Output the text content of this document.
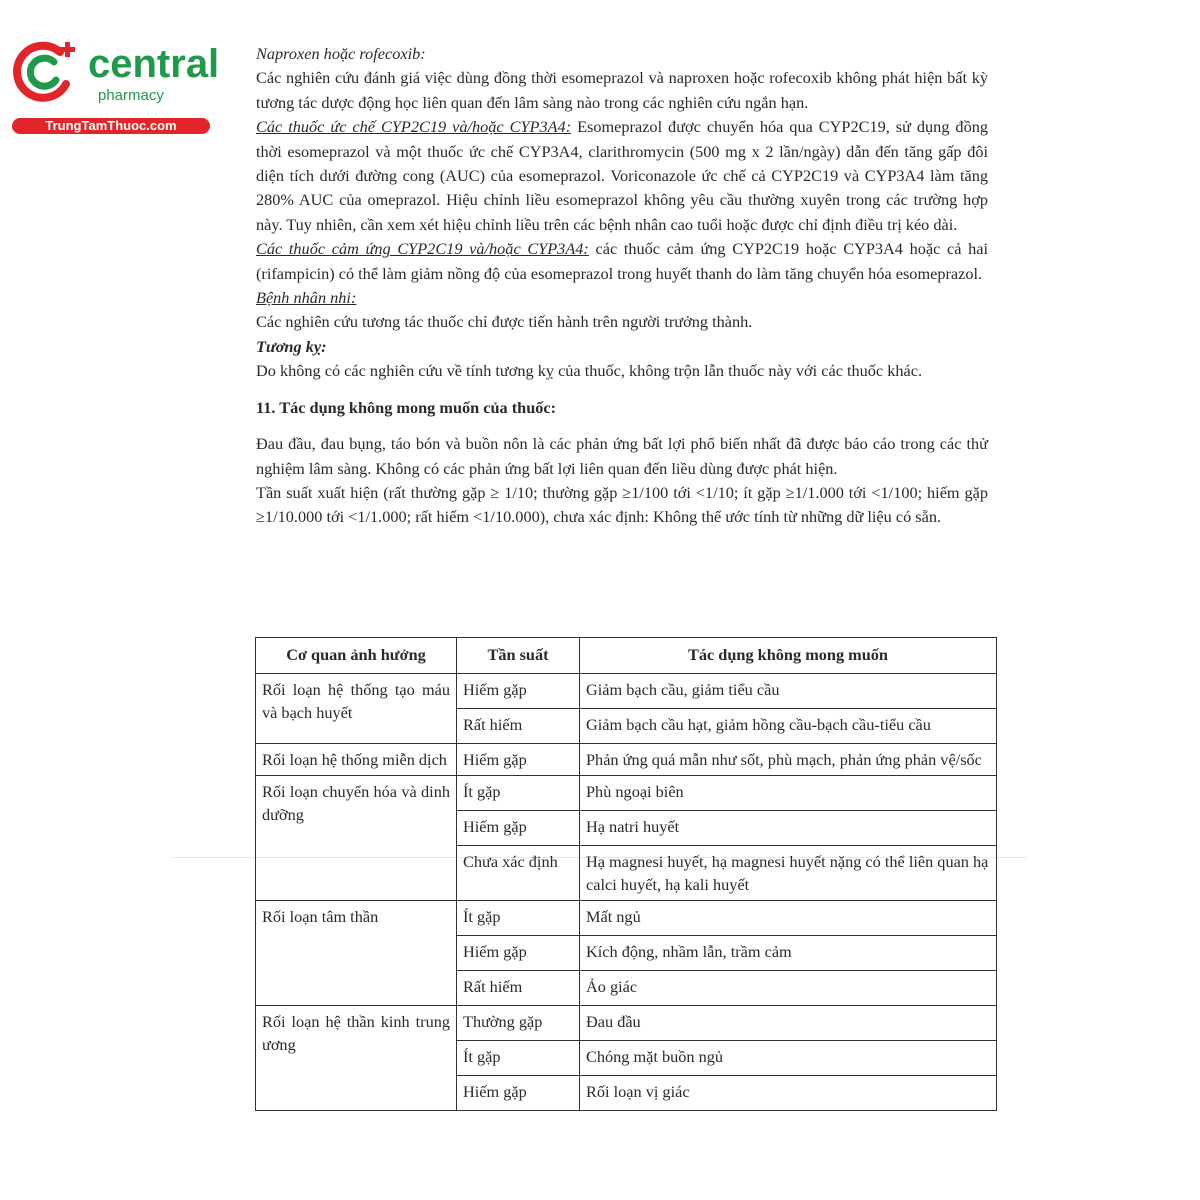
central
pharmacy
TrungTamThuoc.com

Naproxen hoặc rofecoxib:

Các nghiên cứu đánh giá việc dùng đồng thời esomeprazol và naproxen hoặc rofecoxib không phát hiện bất kỳ tương tác dược động học liên quan đến lâm sàng nào trong các nghiên cứu ngắn hạn.

Các thuốc ức chế CYP2C19 và/hoặc CYP3A4: Esomeprazol được chuyển hóa qua CYP2C19, sử dụng đồng thời esomeprazol và một thuốc ức chế CYP3A4, clarithromycin (500 mg x 2 lần/ngày) dẫn đến tăng gấp đôi diện tích dưới đường cong (AUC) của esomeprazol. Voriconazole ức chế cả CYP2C19 và CYP3A4 làm tăng 280% AUC của omeprazol. Hiệu chỉnh liều esomeprazol không yêu cầu thường xuyên trong các trường hợp này. Tuy nhiên, cần xem xét hiệu chỉnh liều trên các bệnh nhân cao tuổi hoặc được chỉ định điều trị kéo dài.

Các thuốc cảm ứng CYP2C19 và/hoặc CYP3A4: các thuốc cảm ứng CYP2C19 hoặc CYP3A4 hoặc cả hai (rifampicin) có thể làm giảm nồng độ của esomeprazol trong huyết thanh do làm tăng chuyển hóa esomeprazol.

Bệnh nhân nhi:

Các nghiên cứu tương tác thuốc chỉ được tiến hành trên người trưởng thành.

Tương kỵ:

Do không có các nghiên cứu về tính tương kỵ của thuốc, không trộn lẫn thuốc này với các thuốc khác.

11. Tác dụng không mong muốn của thuốc:

Đau đầu, đau bụng, táo bón và buồn nôn là các phản ứng bất lợi phổ biến nhất đã được báo cáo trong các thử nghiệm lâm sàng. Không có các phản ứng bất lợi liên quan đến liều dùng được phát hiện.

Tần suất xuất hiện (rất thường gặp ≥ 1/10; thường gặp ≥1/100 tới <1/10; ít gặp ≥1/1.000 tới <1/100; hiếm gặp ≥1/10.000 tới <1/1.000; rất hiếm <1/10.000), chưa xác định: Không thể ước tính từ những dữ liệu có sẵn.

Cơ quan ảnh hưởng	Tần suất	Tác dụng không mong muốn
Rối loạn hệ thống tạo máu và bạch huyết	Hiếm gặp	Giảm bạch cầu, giảm tiểu cầu
	Rất hiếm	Giảm bạch cầu hạt, giảm hồng cầu-bạch cầu-tiểu cầu
Rối loạn hệ thống miễn dịch	Hiếm gặp	Phản ứng quá mẫn như sốt, phù mạch, phản ứng phản vệ/sốc
Rối loạn chuyển hóa và dinh dưỡng	Ít gặp	Phù ngoại biên
	Hiếm gặp	Hạ natri huyết
	Chưa xác định	Hạ magnesi huyết, hạ magnesi huyết nặng có thể liên quan hạ calci huyết, hạ kali huyết
Rối loạn tâm thần	Ít gặp	Mất ngủ
	Hiếm gặp	Kích động, nhầm lẫn, trầm cảm
	Rất hiếm	Ảo giác
Rối loạn hệ thần kinh trung ương	Thường gặp	Đau đầu
	Ít gặp	Chóng mặt buồn ngủ
	Hiếm gặp	Rối loạn vị giác
